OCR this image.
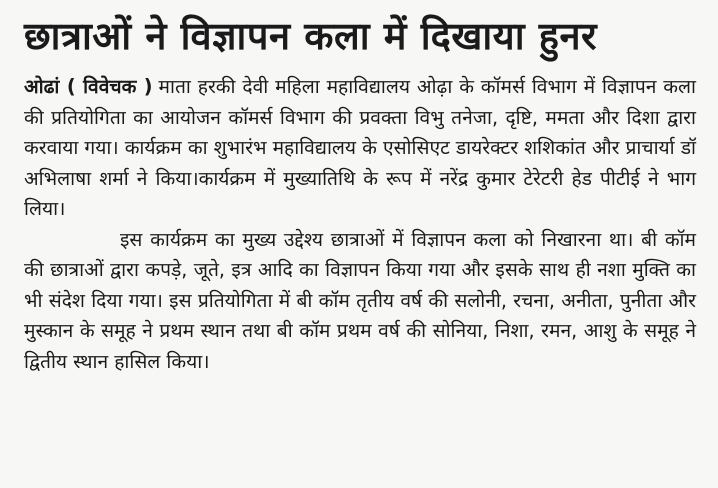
छात्राओं ने विज्ञापन कला में दिखाया हुनर

ओढां ( विवेचक ) माता हरकी देवी महिला महाविद्यालय ओढ़ा के कॉमर्स विभाग में विज्ञापन कला की प्रतियोगिता का आयोजन कॉमर्स विभाग की प्रवक्ता विभु तनेजा, दृष्टि, ममता और दिशा द्वारा करवाया गया। कार्यक्रम का शुभारंभ महाविद्यालय के एसोसिएट डायरेक्टर शशिकांत और प्राचार्या डॉ अभिलाषा शर्मा ने किया।कार्यक्रम में मुख्यातिथि के रूप में नरेंद्र कुमार टेरेटरी हेड पीटीई ने भाग लिया।

इस कार्यक्रम का मुख्य उद्देश्य छात्राओं में विज्ञापन कला को निखारना था। बी कॉम की छात्राओं द्वारा कपड़े, जूते, इत्र आदि का विज्ञापन किया गया और इसके साथ ही नशा मुक्ति का भी संदेश दिया गया। इस प्रतियोगिता में बी कॉम तृतीय वर्ष की सलोनी, रचना, अनीता, पुनीता और मुस्कान के समूह ने प्रथम स्थान तथा बी कॉम प्रथम वर्ष की सोनिया, निशा, रमन, आशु के समूह ने द्वितीय स्थान हासिल किया।
